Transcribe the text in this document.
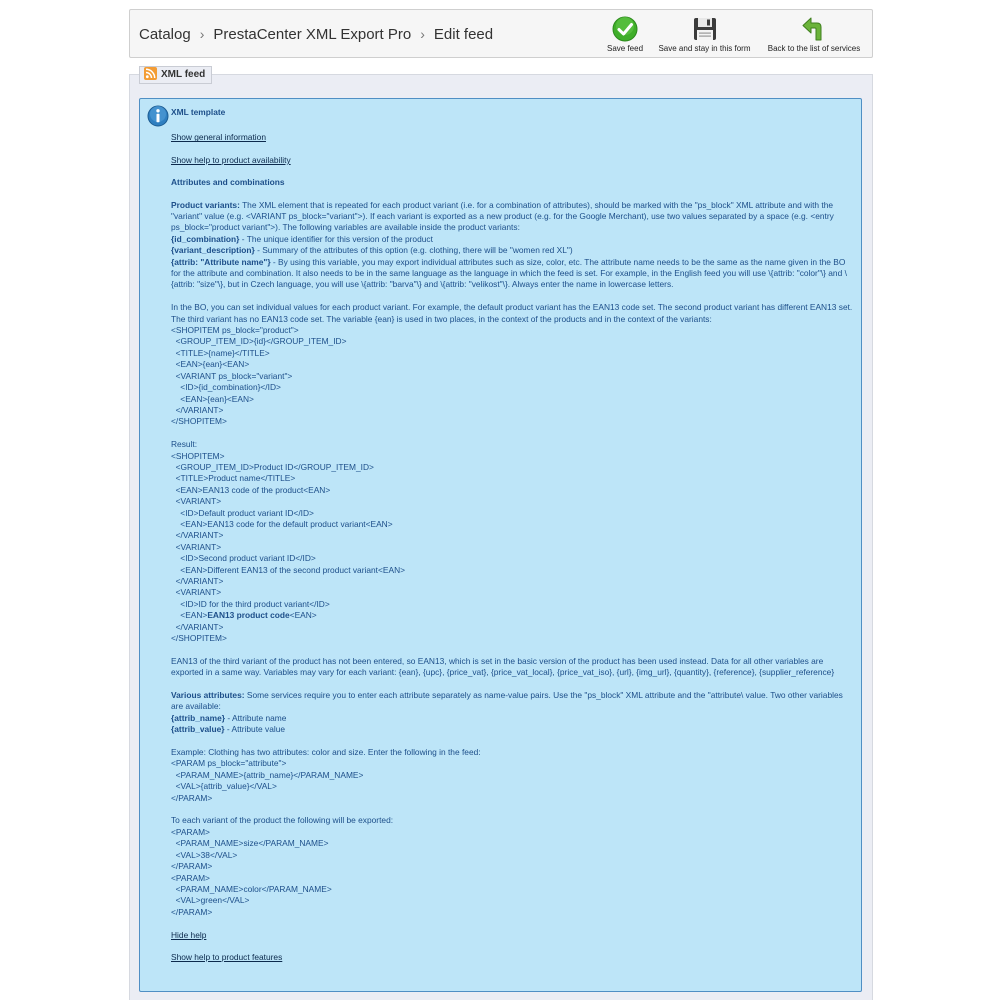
Catalog › PrestaCenter XML Export Pro › Edit feed
Save feed	Save and stay in this form	Back to the list of services
XML feed
XML template
Show general information
Show help to product availability
Attributes and combinations

Product variants: The XML element that is repeated for each product variant (i.e. for a combination of attributes), should be marked with the "ps_block" XML attribute and with the "variant" value (e.g. <VARIANT ps_block="variant">). If each variant is exported as a new product (e.g. for the Google Merchant), use two values separated by a space (e.g. <entry ps_block="product variant">). The following variables are available inside the product variants:
{id_combination} - The unique identifier for this version of the product
{variant_description} - Summary of the attributes of this option (e.g. clothing, there will be "women red XL")
{attrib: "Attribute name"} - By using this variable, you may export individual attributes such as size, color, etc. The attribute name needs to be the same as the name given in the BO for the attribute and combination. It also needs to be in the same language as the language in which the feed is set. For example, in the English feed you will use \{attrib: "color"\} and \{attrib: "size"\}, but in Czech language, you will use \{attrib: "barva"\} and \{attrib: "velikost"\}. Always enter the name in lowercase letters.

In the BO, you can set individual values for each product variant. For example, the default product variant has the EAN13 code set. The second product variant has different EAN13 set. The third variant has no EAN13 code set. The variable {ean} is used in two places, in the context of the products and in the context of the variants:
<SHOPITEM ps_block="product">
<GROUP_ITEM_ID>{id}</GROUP_ITEM_ID>
<TITLE>{name}</TITLE>
<EAN>{ean}<EAN>
<VARIANT ps_block="variant">
<ID>{id_combination}</ID>
<EAN>{ean}<EAN>
</VARIANT>
</SHOPITEM>
Result:
<SHOPITEM>
<GROUP_ITEM_ID>Product ID</GROUP_ITEM_ID>
<TITLE>Product name</TITLE>
<EAN>EAN13 code of the product<EAN>
<VARIANT>
<ID>Default product variant ID</ID>
<EAN>EAN13 code for the default product variant<EAN>
</VARIANT>
<VARIANT>
<ID>Second product variant ID</ID>
<EAN>Different EAN13 of the second product variant<EAN>
</VARIANT>
<VARIANT>
<ID>ID for the third product variant</ID>
<EAN>EAN13 product code<EAN>
</VARIANT>
</SHOPITEM>

EAN13 of the third variant of the product has not been entered, so EAN13, which is set in the basic version of the product has been used instead. Data for all other variables are exported in a same way. Variables may vary for each variant: {ean}, {upc}, {price_vat}, {price_vat_local}, {price_vat_iso}, {url}, {img_url}, {quantity}, {reference}, {supplier_reference}

Various attributes: Some services require you to enter each attribute separately as name-value pairs. Use the "ps_block" XML attribute and the "attribute\ value. Two other variables are available:
{attrib_name} - Attribute name
{attrib_value} - Attribute value

Example: Clothing has two attributes: color and size. Enter the following in the feed:
<PARAM ps_block="attribute">
<PARAM_NAME>{attrib_name}</PARAM_NAME>
<VAL>{attrib_value}</VAL>
</PARAM>
To each variant of the product the following will be exported:
<PARAM>
<PARAM_NAME>size</PARAM_NAME>
<VAL>38</VAL>
</PARAM>
<PARAM>
<PARAM_NAME>color</PARAM_NAME>
<VAL>green</VAL>
</PARAM>
Hide help
Show help to product features
